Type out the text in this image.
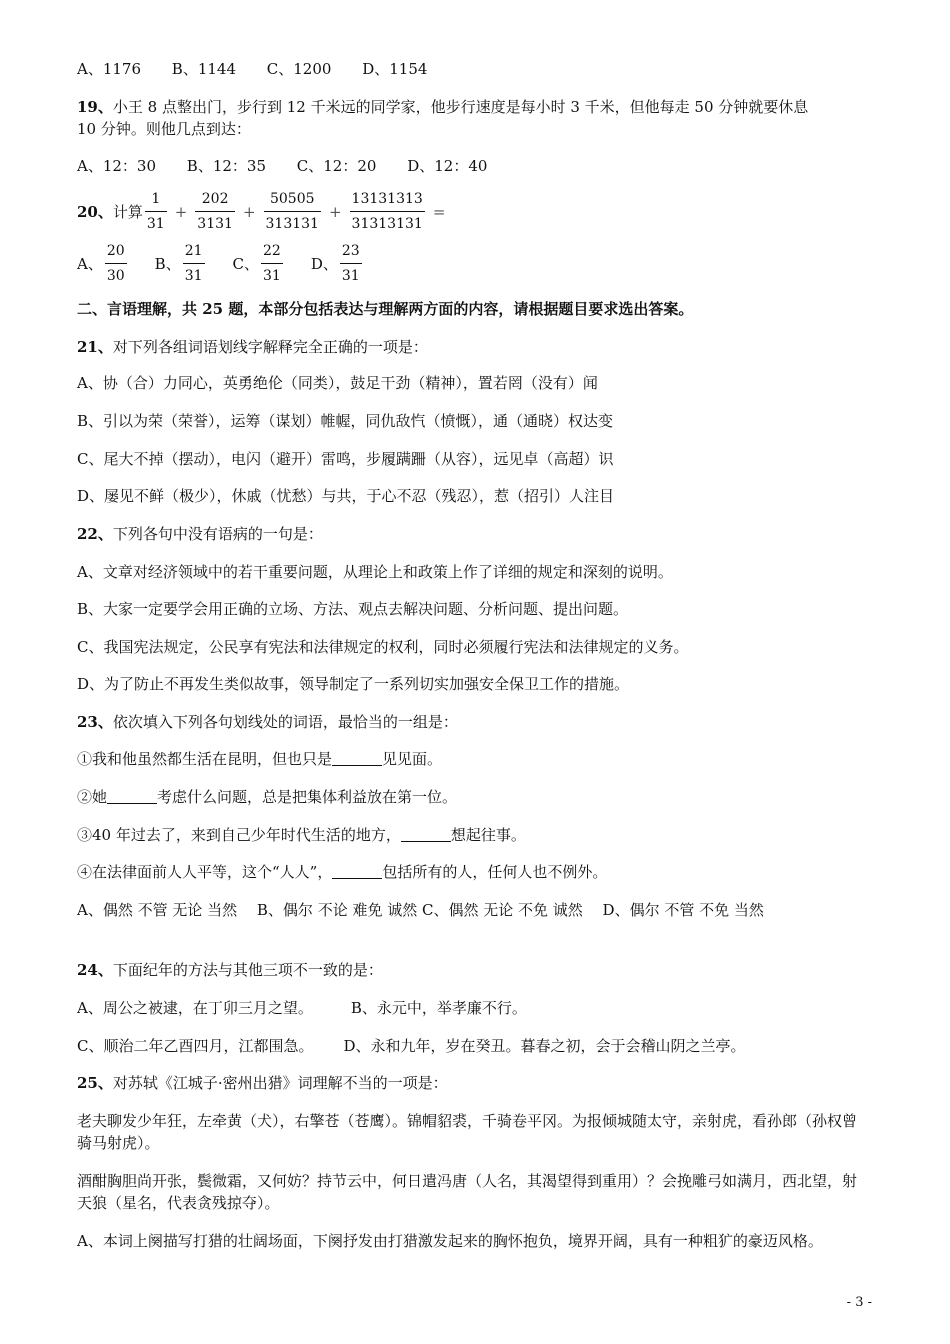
A、1176 B、1144 C、1200 D、1154
19、小王 8 点整出门，步行到 12 千米远的同学家，他步行速度是每小时 3 千米，但他每走 50 分钟就要休息
10 分钟。则他几点到达：
A、12：30 B、12：35 C、12：20 D、12：40
20、 计算 $\frac{1}{31} + \frac{202}{3131} + \frac{50505}{313131} + \frac{13131313}{31313131}$ =
A、 $\frac{20}{30}$ B、 $\frac{21}{31}$ C、 $\frac{22}{31}$ D、 $\frac{23}{31}$
二、言语理解，共 25 题，本部分包括表达与理解两方面的内容，请根据题目要求选出答案。
21、对下列各组词语划线字解释完全正确的一项是：
A、协（合）力同心，英勇绝伦（同类），鼓足干劲（精神），置若罔（没有）闻
B、引以为荣（荣誉），运筹（谋划）帷幄，同仇敌忾（愤慨），通（通晓）权达变
C、尾大不掉（摆动），电闪（避开）雷鸣，步履蹒跚（从容），远见卓（高超）识
D、屡见不鲜（极少），休戚（忧愁）与共，于心不忍（残忍），惹（招引）人注目
22、下列各句中没有语病的一句是：
A、文章对经济领域中的若干重要问题，从理论上和政策上作了详细的规定和深刻的说明。
B、大家一定要学会用正确的立场、方法、观点去解决问题、分析问题、提出问题。
C、我国宪法规定，公民享有宪法和法律规定的权利，同时必须履行宪法和法律规定的义务。
D、为了防止不再发生类似故事，领导制定了一系列切实加强安全保卫工作的措施。
23、依次填入下列各句划线处的词语，最恰当的一组是：
①我和他虽然都生活在昆明，但也只是	见见面。
②她	考虑什么问题，总是把集体利益放在第一位。
③40 年过去了，来到自己少年时代生活的地方，	想起往事。
④在法律面前人人平等，这个“人人”，	包括所有的人，任何人也不例外。
A、偶然 不管 无论 当然　 B、偶尔 不论 难免 诚然 C、偶然 无论 不免 诚然　 D、偶尔 不管 不免 当然
24、下面纪年的方法与其他三项不一致的是：
A、周公之被逮，在丁卯三月之望。	B、永元中，举孝廉不行。
C、顺治二年乙酉四月，江都围急。 D、永和九年，岁在癸丑。暮春之初，会于会稽山阴之兰亭。
25、对苏轼《江城子·密州出猎》词理解不当的一项是：
老夫聊发少年狂，左牵黄（犬），右擎苍（苍鹰）。锦帽貂裘，千骑卷平冈。为报倾城随太守，亲射虎，看孙郎（孙权曾骑马射虎）。
酒酣胸胆尚开张，鬓微霜，又何妨？持节云中，何日遣冯唐（人名，其渴望得到重用）？会挽雕弓如满月，西北望，射天狼（星名，代表贪残掠夺）。
A、本词上阕描写打猎的壮阔场面，下阕抒发由打猎激发起来的胸怀抱负，境界开阔，具有一种粗犷的豪迈风格。
- 3 -
